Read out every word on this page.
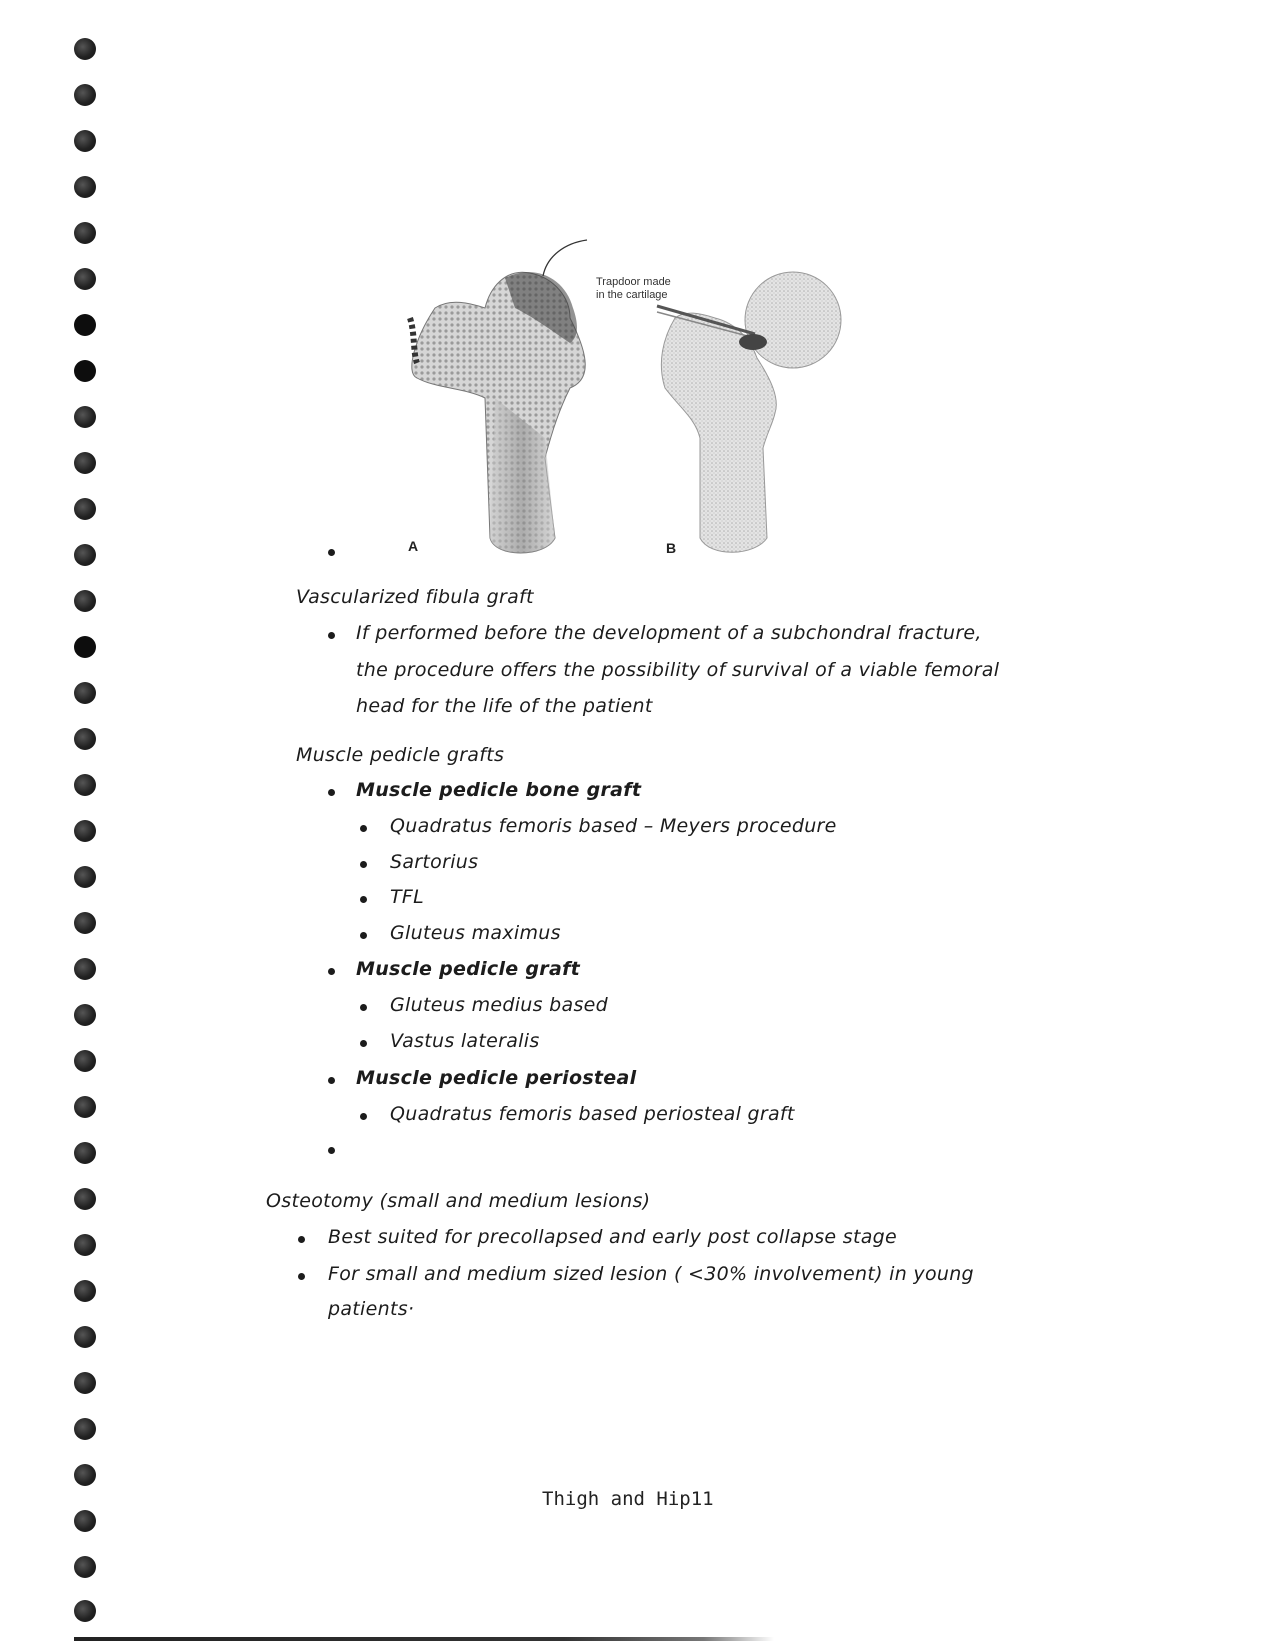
Trapdoor made
in the cartilage
A	B
Vascularized fibula graft
If performed before the development of a subchondral fracture,
the procedure offers the possibility of survival of a viable femoral
head for the life of the patient
Muscle pedicle grafts
Muscle pedicle bone graft
Quadratus femoris based – Meyers procedure
Sartorius
TFL
Gluteus maximus
Muscle pedicle graft
Gluteus medius based
Vastus lateralis
Muscle pedicle periosteal
Quadratus femoris based periosteal graft
Osteotomy (small and medium lesions)
Best suited for precollapsed and early post collapse stage
For small and medium sized lesion ( <30% involvement) in young
patients·
Thigh and Hip11
